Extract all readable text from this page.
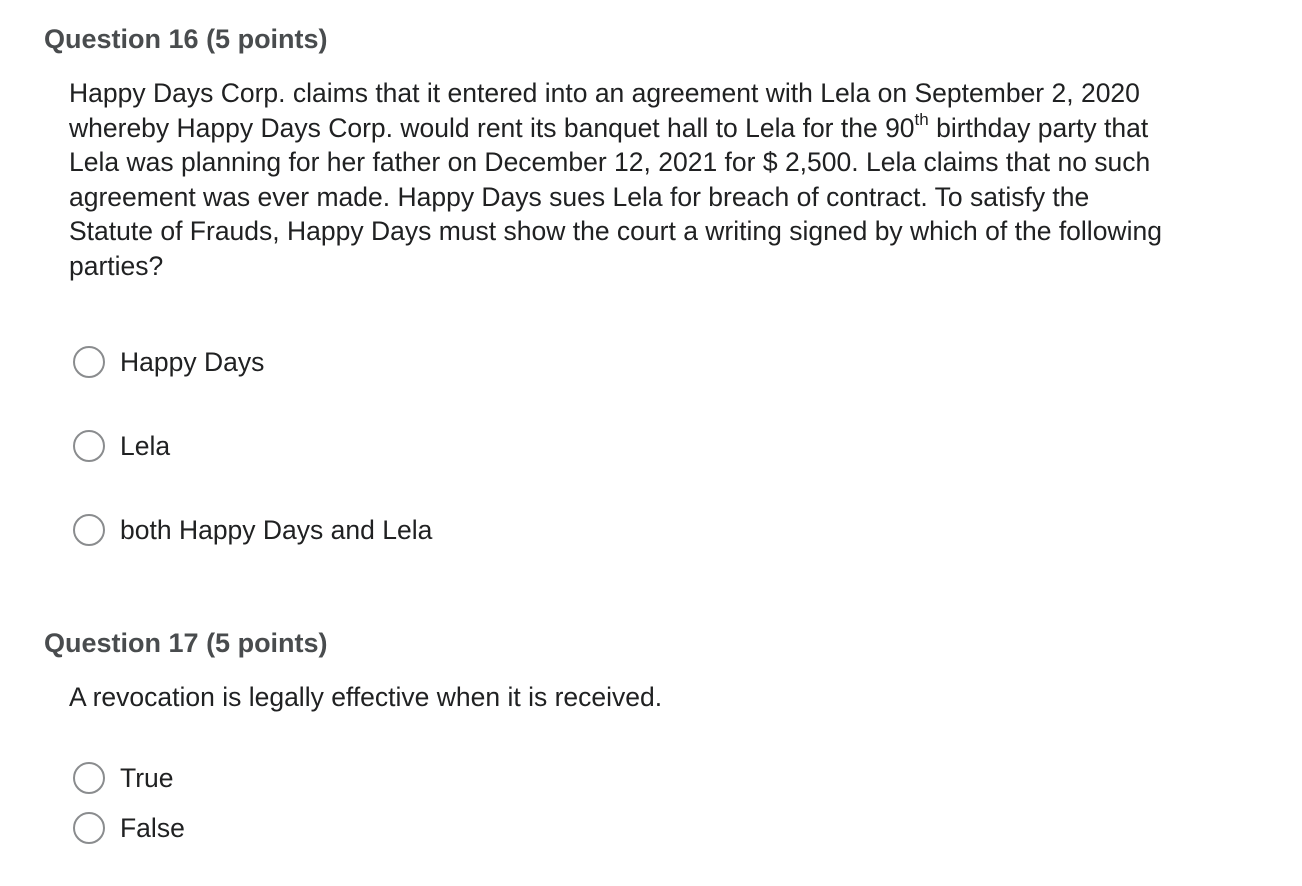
Question 16 (5 points)
Happy Days Corp. claims that it entered into an agreement with Lela on September 2, 2020 whereby Happy Days Corp. would rent its banquet hall to Lela for the 90th birthday party that Lela was planning for her father on December 12, 2021 for $ 2,500. Lela claims that no such agreement was ever made. Happy Days sues Lela for breach of contract. To satisfy the Statute of Frauds, Happy Days must show the court a writing signed by which of the following parties?
Happy Days
Lela
both Happy Days and Lela
Question 17 (5 points)
A revocation is legally effective when it is received.
True
False
